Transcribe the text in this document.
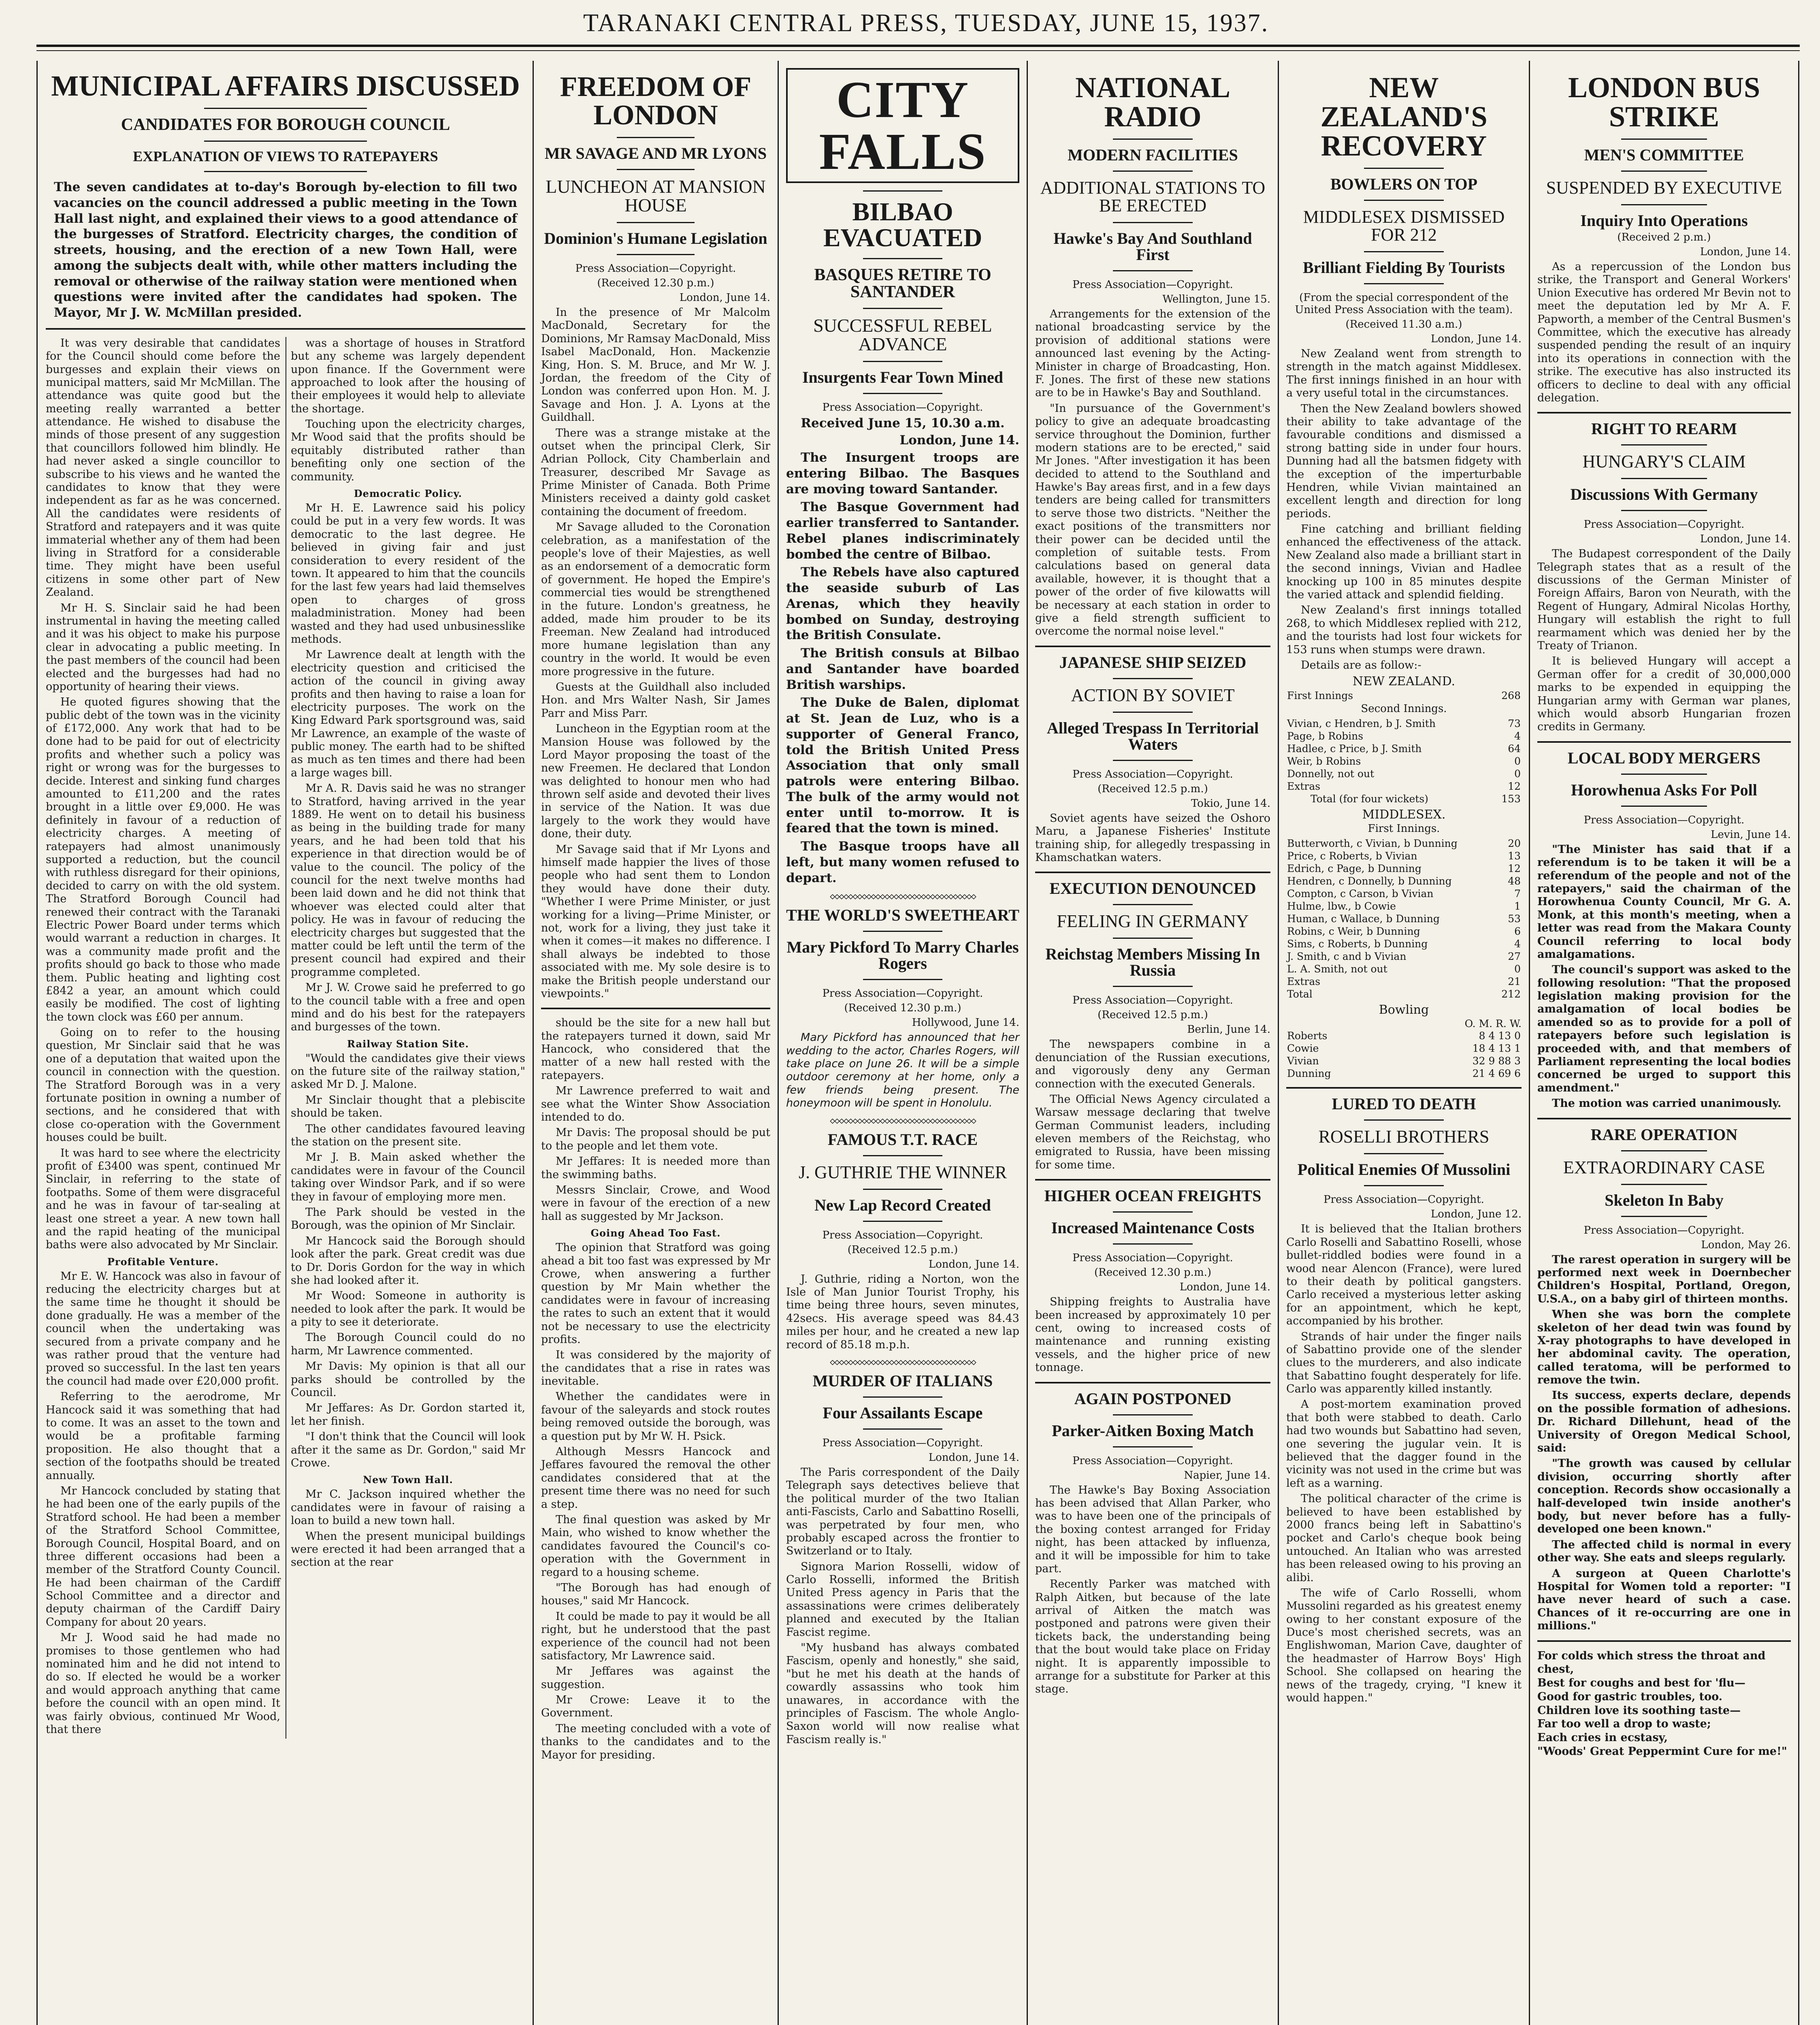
TARANAKI CENTRAL PRESS, TUESDAY, JUNE 15, 1937.
MUNICIPAL AFFAIRS DISCUSSED
CANDIDATES FOR BOROUGH COUNCIL
EXPLANATION OF VIEWS TO RATEPAYERS
The seven candidates at to-day's Borough by-election to fill two vacancies on the council addressed a public meeting in the Town Hall last night, and explained their views to a good attendance of the burgesses of Stratford. Electricity charges, the condition of streets, housing, and the erection of a new Town Hall, were among the subjects dealt with, while other matters including the removal or otherwise of the railway station were mentioned when questions were invited after the candidates had spoken. The Mayor, Mr J. W. McMillan presided.

It was very desirable that candidates for the Council should come before the burgesses and explain their views on municipal matters, said Mr McMillan. The attendance was quite good but the meeting really warranted a better attendance. He wished to disabuse the minds of those present of any suggestion that councillors followed him blindly. He had never asked a single councillor to subscribe to his views and he wanted the candidates to know that they were independent as far as he was concerned. All the candidates were residents of Stratford and ratepayers and it was quite immaterial whether any of them had been living in Stratford for a considerable time. They might have been useful citizens in some other part of New Zealand.

Mr H. S. Sinclair said he had been instrumental in having the meeting called and it was his object to make his purpose clear in advocating a public meeting. In the past members of the council had been elected and the burgesses had had no opportunity of hearing their views.

He quoted figures showing that the public debt of the town was in the vicinity of £172,000. Any work that had to be done had to be paid for out of electricity profits and whether such a policy was right or wrong was for the burgesses to decide. Interest and sinking fund charges amounted to £11,200 and the rates brought in a little over £9,000. He was definitely in favour of a reduction of electricity charges. A meeting of ratepayers had almost unanimously supported a reduction, but the council with ruthless disregard for their opinions, decided to carry on with the old system. The Stratford Borough Council had renewed their contract with the Taranaki Electric Power Board under terms which would warrant a reduction in charges. It was a community made profit and the profits should go back to those who made them. Public heating and lighting cost £842 a year, an amount which could easily be modified. The cost of lighting the town clock was £60 per annum.

Going on to refer to the housing question, Mr Sinclair said that he was one of a deputation that waited upon the council in connection with the question. The Stratford Borough was in a very fortunate position in owning a number of sections, and he considered that with close co-operation with the Government houses could be built.

It was hard to see where the electricity profit of £3400 was spent, continued Mr Sinclair, in referring to the state of footpaths. Some of them were disgraceful and he was in favour of tar-sealing at least one street a year. A new town hall and the rapid heating of the municipal baths were also advocated by Mr Sinclair.

Profitable Venture.

Mr E. W. Hancock was also in favour of reducing the electricity charges but at the same time he thought it should be done gradually. He was a member of the council when the undertaking was secured from a private company and he was rather proud that the venture had proved so successful. In the last ten years the council had made over £20,000 profit.

Referring to the aerodrome, Mr Hancock said it was something that had to come. It was an asset to the town and would be a profitable farming proposition. He also thought that a section of the footpaths should be treated annually.

Mr Hancock concluded by stating that he had been one of the early pupils of the Stratford school. He had been a member of the Stratford School Committee, Borough Council, Hospital Board, and on three different occasions had been a member of the Stratford County Council. He had been chairman of the Cardiff School Committee and a director and deputy chairman of the Cardiff Dairy Company for about 20 years.

Mr J. Wood said he had made no promises to those gentlemen who had nominated him and he did not intend to do so. If elected he would be a worker and would approach anything that came before the council with an open mind. It was fairly obvious, continued Mr Wood, that there

was a shortage of houses in Stratford but any scheme was largely dependent upon finance. If the Government were approached to look after the housing of their employees it would help to alleviate the shortage.

Touching upon the electricity charges, Mr Wood said that the profits should be equitably distributed rather than benefiting only one section of the community.

Democratic Policy.

Mr H. E. Lawrence said his policy could be put in a very few words. It was democratic to the last degree. He believed in giving fair and just consideration to every resident of the town. It appeared to him that the councils for the last few years had laid themselves open to charges of gross maladministration. Money had been wasted and they had used unbusinesslike methods.

Mr Lawrence dealt at length with the electricity question and criticised the action of the council in giving away profits and then having to raise a loan for electricity purposes. The work on the King Edward Park sportsground was, said Mr Lawrence, an example of the waste of public money. The earth had to be shifted as much as ten times and there had been a large wages bill.

Mr A. R. Davis said he was no stranger to Stratford, having arrived in the year 1889. He went on to detail his business as being in the building trade for many years, and he had been told that his experience in that direction would be of value to the council. The policy of the council for the next twelve months had been laid down and he did not think that whoever was elected could alter that policy. He was in favour of reducing the electricity charges but suggested that the matter could be left until the term of the present council had expired and their programme completed.

Mr J. W. Crowe said he preferred to go to the council table with a free and open mind and do his best for the ratepayers and burgesses of the town.

Railway Station Site.

"Would the candidates give their views on the future site of the railway station," asked Mr D. J. Malone.

Mr Sinclair thought that a plebiscite should be taken.

The other candidates favoured leaving the station on the present site.

Mr J. B. Main asked whether the candidates were in favour of the Council taking over Windsor Park, and if so were they in favour of employing more men.

The Park should be vested in the Borough, was the opinion of Mr Sinclair.

Mr Hancock said the Borough should look after the park. Great credit was due to Dr. Doris Gordon for the way in which she had looked after it.

Mr Wood: Someone in authority is needed to look after the park. It would be a pity to see it deteriorate.

The Borough Council could do no harm, Mr Lawrence commented.

Mr Davis: My opinion is that all our parks should be controlled by the Council.

Mr Jeffares: As Dr. Gordon started it, let her finish.

"I don't think that the Council will look after it the same as Dr. Gordon," said Mr Crowe.

New Town Hall.

Mr C. Jackson inquired whether the candidates were in favour of raising a loan to build a new town hall.

When the present municipal buildings were erected it had been arranged that a section at the rear

FREEDOM OF LONDON
MR SAVAGE AND MR LYONS
LUNCHEON AT MANSION HOUSE
Dominion's Humane Legislation
Press Association—Copyright.
(Received 12.30 p.m.)
London, June 14.

In the presence of Mr Malcolm MacDonald, Secretary for the Dominions, Mr Ramsay MacDonald, Miss Isabel MacDonald, Hon. Mackenzie King, Hon. S. M. Bruce, and Mr W. J. Jordan, the freedom of the City of London was conferred upon Hon. M. J. Savage and Hon. J. A. Lyons at the Guildhall.

There was a strange mistake at the outset when the principal Clerk, Sir Adrian Pollock, City Chamberlain and Treasurer, described Mr Savage as Prime Minister of Canada. Both Prime Ministers received a dainty gold casket containing the document of freedom.

Mr Savage alluded to the Coronation celebration, as a manifestation of the people's love of their Majesties, as well as an endorsement of a democratic form of government. He hoped the Empire's commercial ties would be strengthened in the future. London's greatness, he added, made him prouder to be its Freeman. New Zealand had introduced more humane legislation than any country in the world. It would be even more progressive in the future.

Guests at the Guildhall also included Hon. and Mrs Walter Nash, Sir James Parr and Miss Parr.

Luncheon in the Egyptian room at the Mansion House was followed by the Lord Mayor proposing the toast of the new Freemen. He declared that London was delighted to honour men who had thrown self aside and devoted their lives in service of the Nation. It was due largely to the work they would have done, their duty.

Mr Savage said that if Mr Lyons and himself made happier the lives of those people who had sent them to London they would have done their duty. "Whether I were Prime Minister, or just working for a living—Prime Minister, or not, work for a living, they just take it when it comes—it makes no difference. I shall always be indebted to those associated with me. My sole desire is to make the British people understand our viewpoints."

should be the site for a new hall but the ratepayers turned it down, said Mr Hancock, who considered that the matter of a new hall rested with the ratepayers.

Mr Lawrence preferred to wait and see what the Winter Show Association intended to do.

Mr Davis: The proposal should be put to the people and let them vote.

Mr Jeffares: It is needed more than the swimming baths.

Messrs Sinclair, Crowe, and Wood were in favour of the erection of a new hall as suggested by Mr Jackson.

Going Ahead Too Fast.

The opinion that Stratford was going ahead a bit too fast was expressed by Mr Crowe, when answering a further question by Mr Main whether the candidates were in favour of increasing the rates to such an extent that it would not be necessary to use the electricity profits.

It was considered by the majority of the candidates that a rise in rates was inevitable.

Whether the candidates were in favour of the saleyards and stock routes being removed outside the borough, was a question put by Mr W. H. Psick.

Although Messrs Hancock and Jeffares favoured the removal the other candidates considered that at the present time there was no need for such a step.

The final question was asked by Mr Main, who wished to know whether the candidates favoured the Council's co-operation with the Government in regard to a housing scheme.

"The Borough has had enough of houses," said Mr Hancock.

It could be made to pay it would be all right, but he understood that the past experience of the council had not been satisfactory, Mr Lawrence said.

Mr Jeffares was against the suggestion.

Mr Crowe: Leave it to the Government.

The meeting concluded with a vote of thanks to the candidates and to the Mayor for presiding.

CITY FALLS
BILBAO EVACUATED
BASQUES RETIRE TO SANTANDER
SUCCESSFUL REBEL ADVANCE
Insurgents Fear Town Mined
Press Association—Copyright.
Received June 15, 10.30 a.m.
London, June 14.

The Insurgent troops are entering Bilbao. The Basques are moving toward Santander.

The Basque Government had earlier transferred to Santander. Rebel planes indiscriminately bombed the centre of Bilbao.

The Rebels have also captured the seaside suburb of Las Arenas, which they heavily bombed on Sunday, destroying the British Consulate.

The British consuls at Bilbao and Santander have boarded British warships.

The Duke de Balen, diplomat at St. Jean de Luz, who is a supporter of General Franco, told the British United Press Association that only small patrols were entering Bilbao. The bulk of the army would not enter until to-morrow. It is feared that the town is mined.

The Basque troops have all left, but many women refused to depart.

◇◇◇◇◇◇◇◇◇◇◇◇◇◇◇◇◇◇◇◇◇◇◇◇◇◇◇◇◇◇◇◇
THE WORLD'S SWEETHEART
Mary Pickford To Marry Charles Rogers
Press Association—Copyright.
(Received 12.30 p.m.)
Hollywood, June 14.

Mary Pickford has announced that her wedding to the actor, Charles Rogers, will take place on June 26. It will be a simple outdoor ceremony at her home, only a few friends being present. The honeymoon will be spent in Honolulu.

◇◇◇◇◇◇◇◇◇◇◇◇◇◇◇◇◇◇◇◇◇◇◇◇◇◇◇◇◇◇◇◇
FAMOUS T.T. RACE
J. GUTHRIE THE WINNER
New Lap Record Created
Press Association—Copyright.
(Received 12.5 p.m.)
London, June 14.

J. Guthrie, riding a Norton, won the Isle of Man Junior Tourist Trophy, his time being three hours, seven minutes, 42secs. His average speed was 84.43 miles per hour, and he created a new lap record of 85.18 m.p.h.

◇◇◇◇◇◇◇◇◇◇◇◇◇◇◇◇◇◇◇◇◇◇◇◇◇◇◇◇◇◇◇◇
MURDER OF ITALIANS
Four Assailants Escape
Press Association—Copyright.
London, June 14.

The Paris correspondent of the Daily Telegraph says detectives believe that the political murder of the two Italian anti-Fascists, Carlo and Sabattino Roselli, was perpetrated by four men, who probably escaped across the frontier to Switzerland or to Italy.

Signora Marion Rosselli, widow of Carlo Rosselli, informed the British United Press agency in Paris that the assassinations were crimes deliberately planned and executed by the Italian Fascist regime.

"My husband has always combated Fascism, openly and honestly," she said, "but he met his death at the hands of cowardly assassins who took him unawares, in accordance with the principles of Fascism. The whole Anglo-Saxon world will now realise what Fascism really is."

NATIONAL RADIO
MODERN FACILITIES
ADDITIONAL STATIONS TO BE ERECTED
Hawke's Bay And Southland First
Press Association—Copyright.
Wellington, June 15.

Arrangements for the extension of the national broadcasting service by the provision of additional stations were announced last evening by the Acting-Minister in charge of Broadcasting, Hon. F. Jones. The first of these new stations are to be in Hawke's Bay and Southland.

"In pursuance of the Government's policy to give an adequate broadcasting service throughout the Dominion, further modern stations are to be erected," said Mr Jones. "After investigation it has been decided to attend to the Southland and Hawke's Bay areas first, and in a few days tenders are being called for transmitters to serve those two districts. "Neither the exact positions of the transmitters nor their power can be decided until the completion of suitable tests. From calculations based on general data available, however, it is thought that a power of the order of five kilowatts will be necessary at each station in order to give a field strength sufficient to overcome the normal noise level."

JAPANESE SHIP SEIZED
ACTION BY SOVIET
Alleged Trespass In Territorial Waters
Press Association—Copyright.
(Received 12.5 p.m.)
Tokio, June 14.

Soviet agents have seized the Oshoro Maru, a Japanese Fisheries' Institute training ship, for allegedly trespassing in Khamschatkan waters.

EXECUTION DENOUNCED
FEELING IN GERMANY
Reichstag Members Missing In Russia
Press Association—Copyright.
(Received 12.5 p.m.)
Berlin, June 14.

The newspapers combine in a denunciation of the Russian executions, and vigorously deny any German connection with the executed Generals.

The Official News Agency circulated a Warsaw message declaring that twelve German Communist leaders, including eleven members of the Reichstag, who emigrated to Russia, have been missing for some time.

HIGHER OCEAN FREIGHTS
Increased Maintenance Costs
Press Association—Copyright.
(Received 12.30 p.m.)
London, June 14.

Shipping freights to Australia have been increased by approximately 10 per cent, owing to increased costs of maintenance and running existing vessels, and the higher price of new tonnage.

AGAIN POSTPONED
Parker-Aitken Boxing Match
Press Association—Copyright.
Napier, June 14.

The Hawke's Bay Boxing Association has been advised that Allan Parker, who was to have been one of the principals of the boxing contest arranged for Friday night, has been attacked by influenza, and it will be impossible for him to take part.

Recently Parker was matched with Ralph Aitken, but because of the late arrival of Aitken the match was postponed and patrons were given their tickets back, the understanding being that the bout would take place on Friday night. It is apparently impossible to arrange for a substitute for Parker at this stage.

NEW ZEALAND'S RECOVERY
BOWLERS ON TOP
MIDDLESEX DISMISSED FOR 212
Brilliant Fielding By Tourists
(From the special correspondent of the United Press Association with the team).
(Received 11.30 a.m.)
London, June 14.

New Zealand went from strength to strength in the match against Middlesex. The first innings finished in an hour with a very useful total in the circumstances.

Then the New Zealand bowlers showed their ability to take advantage of the favourable conditions and dismissed a strong batting side in under four hours. Dunning had all the batsmen fidgety with the exception of the imperturbable Hendren, while Vivian maintained an excellent length and direction for long periods.

Fine catching and brilliant fielding enhanced the effectiveness of the attack. New Zealand also made a brilliant start in the second innings, Vivian and Hadlee knocking up 100 in 85 minutes despite the varied attack and splendid fielding.

New Zealand's first innings totalled 268, to which Middlesex replied with 212, and the tourists had lost four wickets for 153 runs when stumps were drawn.

Details are as follow:-

NEW ZEALAND.
First Innings	268
Second Innings.
Vivian, c Hendren, b J. Smith	73
Page, b Robins	4
Hadlee, c Price, b J. Smith	64
Weir, b Robins	0
Donnelly, not out	0
Extras	12
Total (for four wickets)	153
MIDDLESEX.
First Innings.
Butterworth, c Vivian, b Dunning	20
Price, c Roberts, b Vivian	13
Edrich, c Page, b Dunning	12
Hendren, c Donnelly, b Dunning	48
Compton, c Carson, b Vivian	7
Hulme, lbw., b Cowie	1
Human, c Wallace, b Dunning	53
Robins, c Weir, b Dunning	6
Sims, c Roberts, b Dunning	4
J. Smith, c and b Vivian	27
L. A. Smith, not out	0
Extras	21
Total	212
Bowling
O. M. R. W.
Roberts	8 4 13 0
Cowie	18 4 13 1
Vivian	32 9 88 3
Dunning	21 4 69 6
LURED TO DEATH
ROSELLI BROTHERS
Political Enemies Of Mussolini
Press Association—Copyright.
London, June 12.

It is believed that the Italian brothers Carlo Roselli and Sabattino Roselli, whose bullet-riddled bodies were found in a wood near Alencon (France), were lured to their death by political gangsters. Carlo received a mysterious letter asking for an appointment, which he kept, accompanied by his brother.

Strands of hair under the finger nails of Sabattino provide one of the slender clues to the murderers, and also indicate that Sabattino fought desperately for life. Carlo was apparently killed instantly.

A post-mortem examination proved that both were stabbed to death. Carlo had two wounds but Sabattino had seven, one severing the jugular vein. It is believed that the dagger found in the vicinity was not used in the crime but was left as a warning.

The political character of the crime is believed to have been established by 2000 francs being left in Sabattino's pocket and Carlo's cheque book being untouched. An Italian who was arrested has been released owing to his proving an alibi.

The wife of Carlo Rosselli, whom Mussolini regarded as his greatest enemy owing to her constant exposure of the Duce's most cherished secrets, was an Englishwoman, Marion Cave, daughter of the headmaster of Harrow Boys' High School. She collapsed on hearing the news of the tragedy, crying, "I knew it would happen."

LONDON BUS STRIKE
MEN'S COMMITTEE
SUSPENDED BY EXECUTIVE
Inquiry Into Operations
(Received 2 p.m.)
London, June 14.

As a repercussion of the London bus strike, the Transport and General Workers' Union Executive has ordered Mr Bevin not to meet the deputation led by Mr A. F. Papworth, a member of the Central Busmen's Committee, which the executive has already suspended pending the result of an inquiry into its operations in connection with the strike. The executive has also instructed its officers to decline to deal with any official delegation.

RIGHT TO REARM
HUNGARY'S CLAIM
Discussions With Germany
Press Association—Copyright.
London, June 14.

The Budapest correspondent of the Daily Telegraph states that as a result of the discussions of the German Minister of Foreign Affairs, Baron von Neurath, with the Regent of Hungary, Admiral Nicolas Horthy, Hungary will establish the right to full rearmament which was denied her by the Treaty of Trianon.

It is believed Hungary will accept a German offer for a credit of 30,000,000 marks to be expended in equipping the Hungarian army with German war planes, which would absorb Hungarian frozen credits in Germany.

LOCAL BODY MERGERS
Horowhenua Asks For Poll
Press Association—Copyright.
Levin, June 14.

"The Minister has said that if a referendum is to be taken it will be a referendum of the people and not of the ratepayers," said the chairman of the Horowhenua County Council, Mr G. A. Monk, at this month's meeting, when a letter was read from the Makara County Council referring to local body amalgamations.

The council's support was asked to the following resolution: "That the proposed legislation making provision for the amalgamation of local bodies be amended so as to provide for a poll of ratepayers before such legislation is proceeded with, and that members of Parliament representing the local bodies concerned be urged to support this amendment."

The motion was carried unanimously.

RARE OPERATION
EXTRAORDINARY CASE
Skeleton In Baby
Press Association—Copyright.
London, May 26.

The rarest operation in surgery will be performed next week in Doernbecher Children's Hospital, Portland, Oregon, U.S.A., on a baby girl of thirteen months.

When she was born the complete skeleton of her dead twin was found by X-ray photographs to have developed in her abdominal cavity. The operation, called teratoma, will be performed to remove the twin.

Its success, experts declare, depends on the possible formation of adhesions. Dr. Richard Dillehunt, head of the University of Oregon Medical School, said:

"The growth was caused by cellular division, occurring shortly after conception. Records show occasionally a half-developed twin inside another's body, but never before has a fully-developed one been known."

The affected child is normal in every other way. She eats and sleeps regularly.

A surgeon at Queen Charlotte's Hospital for Women told a reporter: "I have never heard of such a case. Chances of it re-occurring are one in millions."

For colds which stress the throat and chest,
Best for coughs and best for 'flu—
Good for gastric troubles, too.
Children love its soothing taste—
Far too well a drop to waste;
Each cries in ecstasy,
"Woods' Great Peppermint Cure for me!"
